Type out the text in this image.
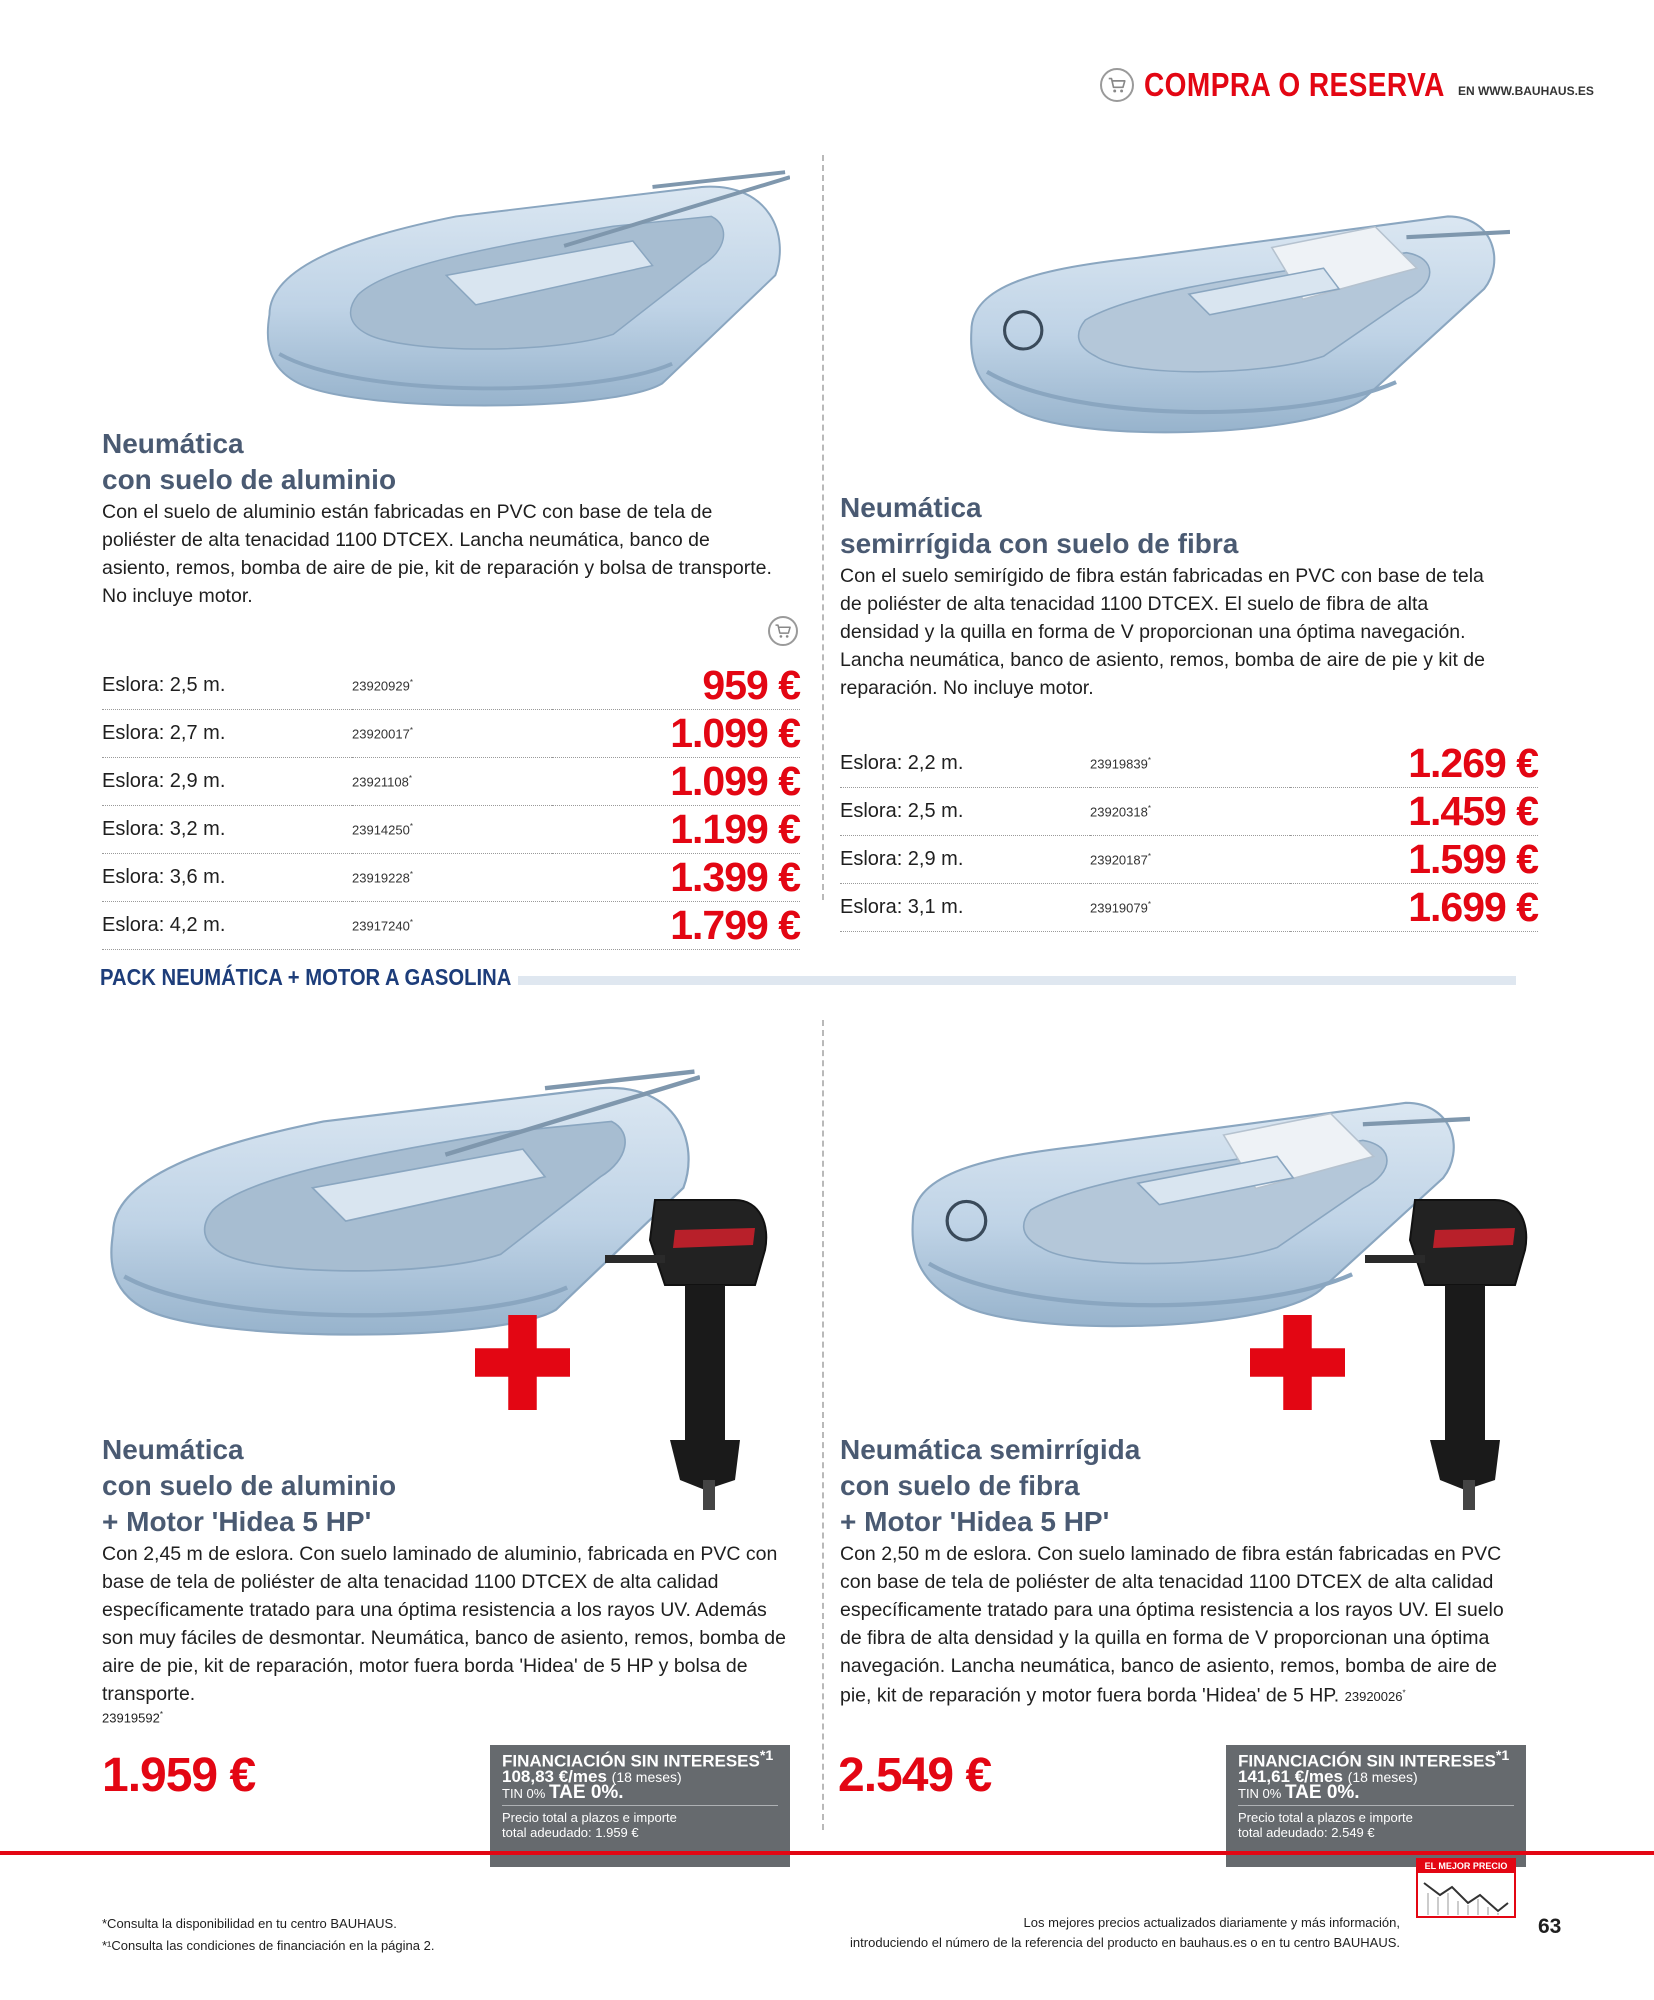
COMPRA O RESERVA EN WWW.BAUHAUS.ES
Neumática
con suelo de aluminio
Con el suelo de aluminio están fabricadas en PVC con base de tela de poliéster de alta tenacidad 1100 DTCEX. Lancha neumática, banco de asiento, remos, bomba de aire de pie, kit de reparación y bolsa de transporte. No incluye motor.
Eslora: 2,5 m.	23920929*	959 €
Eslora: 2,7 m.	23920017*	1.099 €
Eslora: 2,9 m.	23921108*	1.099 €
Eslora: 3,2 m.	23914250*	1.199 €
Eslora: 3,6 m.	23919228*	1.399 €
Eslora: 4,2 m.	23917240*	1.799 €
Neumática
semirrígida con suelo de fibra
Con el suelo semirígido de fibra están fabricadas en PVC con base de tela de poliéster de alta tenacidad 1100 DTCEX. El suelo de fibra de alta densidad y la quilla en forma de V proporcionan una óptima navegación. Lancha neumática, banco de asiento, remos, bomba de aire de pie y kit de reparación. No incluye motor.
Eslora: 2,2 m.	23919839*	1.269 €
Eslora: 2,5 m.	23920318*	1.459 €
Eslora: 2,9 m.	23920187*	1.599 €
Eslora: 3,1 m.	23919079*	1.699 €
PACK NEUMÁTICA + MOTOR A GASOLINA
Neumática
con suelo de aluminio
+ Motor 'Hidea 5 HP'
Con 2,45 m de eslora. Con suelo laminado de aluminio, fabricada en PVC con base de tela de poliéster de alta tenacidad 1100 DTCEX de alta calidad específicamente tratado para una óptima resistencia a los rayos UV. Además son muy fáciles de desmontar. Neumática, banco de asiento, remos, bomba de aire de pie, kit de reparación, motor fuera borda 'Hidea' de 5 HP y bolsa de transporte.
23919592*
1.959 €	FINANCIACIÓN SIN INTERESES$^{*1}$
108,83 €/mes (18 meses)
TIN 0% TAE 0%.
Precio total a plazos e importe
total adeudado: 1.959 €
Neumática semirrígida
con suelo de fibra
+ Motor 'Hidea 5 HP'
Con 2,50 m de eslora. Con suelo laminado de fibra están fabricadas en PVC con base de tela de poliéster de alta tenacidad 1100 DTCEX de alta calidad específicamente tratado para una óptima resistencia a los rayos UV. El suelo de fibra de alta densidad y la quilla en forma de V proporcionan una óptima navegación. Lancha neumática, banco de asiento, remos, bomba de aire de pie, kit de reparación y motor fuera borda 'Hidea' de 5 HP. 23920026*
2.549 €	FINANCIACIÓN SIN INTERESES$^{*1}$
141,61 €/mes (18 meses)
TIN 0% TAE 0%.
Precio total a plazos e importe
total adeudado: 2.549 €
*Consulta la disponibilidad en tu centro BAUHAUS.
*¹Consulta las condiciones de financiación en la página 2.
Los mejores precios actualizados diariamente y más información,
introduciendo el número de la referencia del producto en bauhaus.es o en tu centro BAUHAUS.
EL MEJOR PRECIO
63
